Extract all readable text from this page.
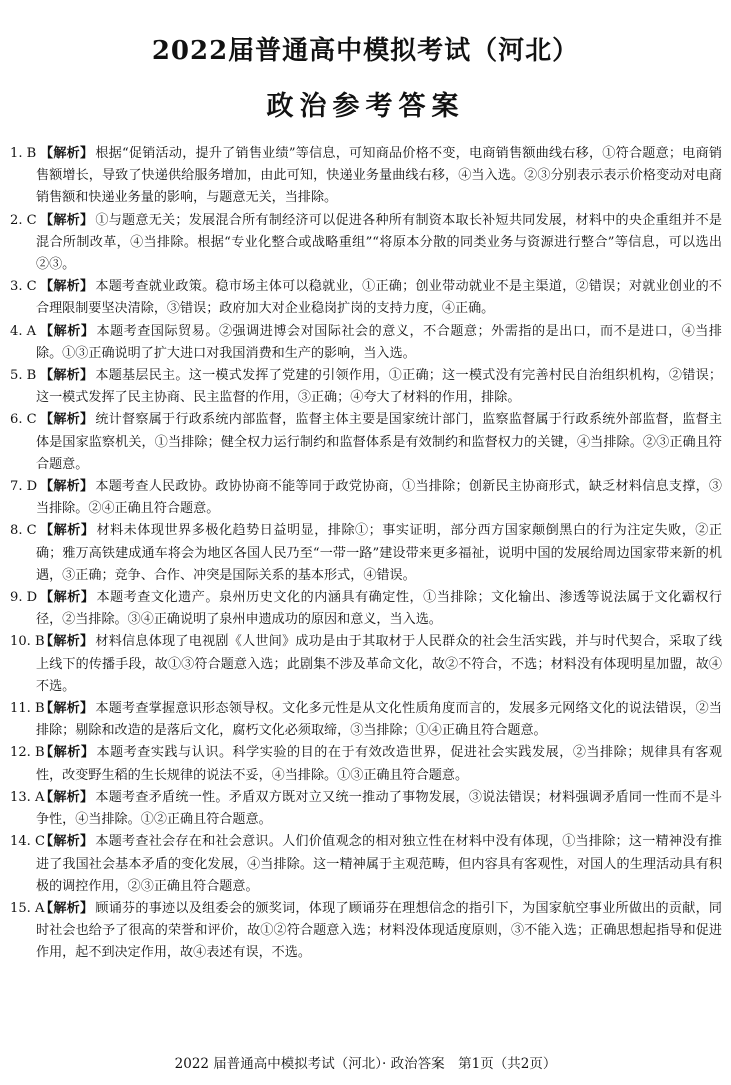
2022届普通高中模拟考试（河北）
政治参考答案

1. B 【解析】 根据“促销活动，提升了销售业绩”等信息，可知商品价格不变，电商销售额曲线右移，①符合题意；电商销售额增长，导致了快递供给服务增加，由此可知，快递业务量曲线右移，④当入选。②③分别表示表示价格变动对电商销售额和快递业务量的影响，与题意无关，当排除。

2. C 【解析】 ①与题意无关；发展混合所有制经济可以促进各种所有制资本取长补短共同发展，材料中的央企重组并不是混合所制改革，④当排除。根据“专业化整合或战略重组”“将原本分散的同类业务与资源进行整合”等信息，可以选出②③。

3. C 【解析】 本题考查就业政策。稳市场主体可以稳就业，①正确；创业带动就业不是主渠道，②错误；对就业创业的不合理限制要坚决清除，③错误；政府加大对企业稳岗扩岗的支持力度，④正确。

4. A 【解析】 本题考查国际贸易。②强调进博会对国际社会的意义，不合题意；外需指的是出口，而不是进口，④当排除。①③正确说明了扩大进口对我国消费和生产的影响，当入选。

5. B 【解析】 本题基层民主。这一模式发挥了党建的引领作用，①正确；这一模式没有完善村民自治组织机构，②错误；这一模式发挥了民主协商、民主监督的作用，③正确；④夸大了材料的作用，排除。

6. C 【解析】 统计督察属于行政系统内部监督，监督主体主要是国家统计部门，监察监督属于行政系统外部监督，监督主体是国家监察机关，①当排除；健全权力运行制约和监督体系是有效制约和监督权力的关键，④当排除。②③正确且符合题意。

7. D 【解析】 本题考查人民政协。政协协商不能等同于政党协商，①当排除；创新民主协商形式，缺乏材料信息支撑，③当排除。②④正确且符合题意。

8. C 【解析】 材料未体现世界多极化趋势日益明显，排除①；事实证明，部分西方国家颠倒黑白的行为注定失败，②正确；雅万高铁建成通车将会为地区各国人民乃至“一带一路”建设带来更多福祉，说明中国的发展给周边国家带来新的机遇，③正确；竞争、合作、冲突是国际关系的基本形式，④错误。

9. D 【解析】 本题考查文化遗产。泉州历史文化的内涵具有确定性，①当排除；文化输出、渗透等说法属于文化霸权行径，②当排除。③④正确说明了泉州申遗成功的原因和意义，当入选。

10. B
【解析】 材料信息体现了电视剧《人世间》成功是由于其取材于人民群众的社会生活实践，并与时代契合，采取了线上线下的传播手段，故①③符合题意入选；此剧集不涉及革命文化，故②不符合，不选；材料没有体现明星加盟，故④不选。

11. B
【解析】 本题考查掌握意识形态领导权。文化多元性是从文化性质角度而言的，发展多元网络文化的说法错误，②当排除；剔除和改造的是落后文化，腐朽文化必须取缔，③当排除；①④正确且符合题意。

12. B
【解析】 本题考查实践与认识。科学实验的目的在于有效改造世界，促进社会实践发展，②当排除；规律具有客观性，改变野生稻的生长规律的说法不妥，④当排除。①③正确且符合题意。

13. A
【解析】 本题考查矛盾统一性。矛盾双方既对立又统一推动了事物发展，③说法错误；材料强调矛盾同一性而不是斗争性，④当排除。①②正确且符合题意。

14. C
【解析】 本题考查社会存在和社会意识。人们价值观念的相对独立性在材料中没有体现，①当排除；这一精神没有推进了我国社会基本矛盾的变化发展，④当排除。这一精神属于主观范畴，但内容具有客观性，对国人的生理活动具有积极的调控作用，②③正确且符合题意。

15. A
【解析】 顾诵芬的事迹以及组委会的颁奖词，体现了顾诵芬在理想信念的指引下，为国家航空事业所做出的贡献，同时社会也给予了很高的荣誉和评价，故①②符合题意入选；材料没体现适度原则，③不能入选；正确思想起指导和促进作用，起不到决定作用，故④表述有误，不选。

2022 届普通高中模拟考试（河北）· 政治答案　第1页（共2页）
